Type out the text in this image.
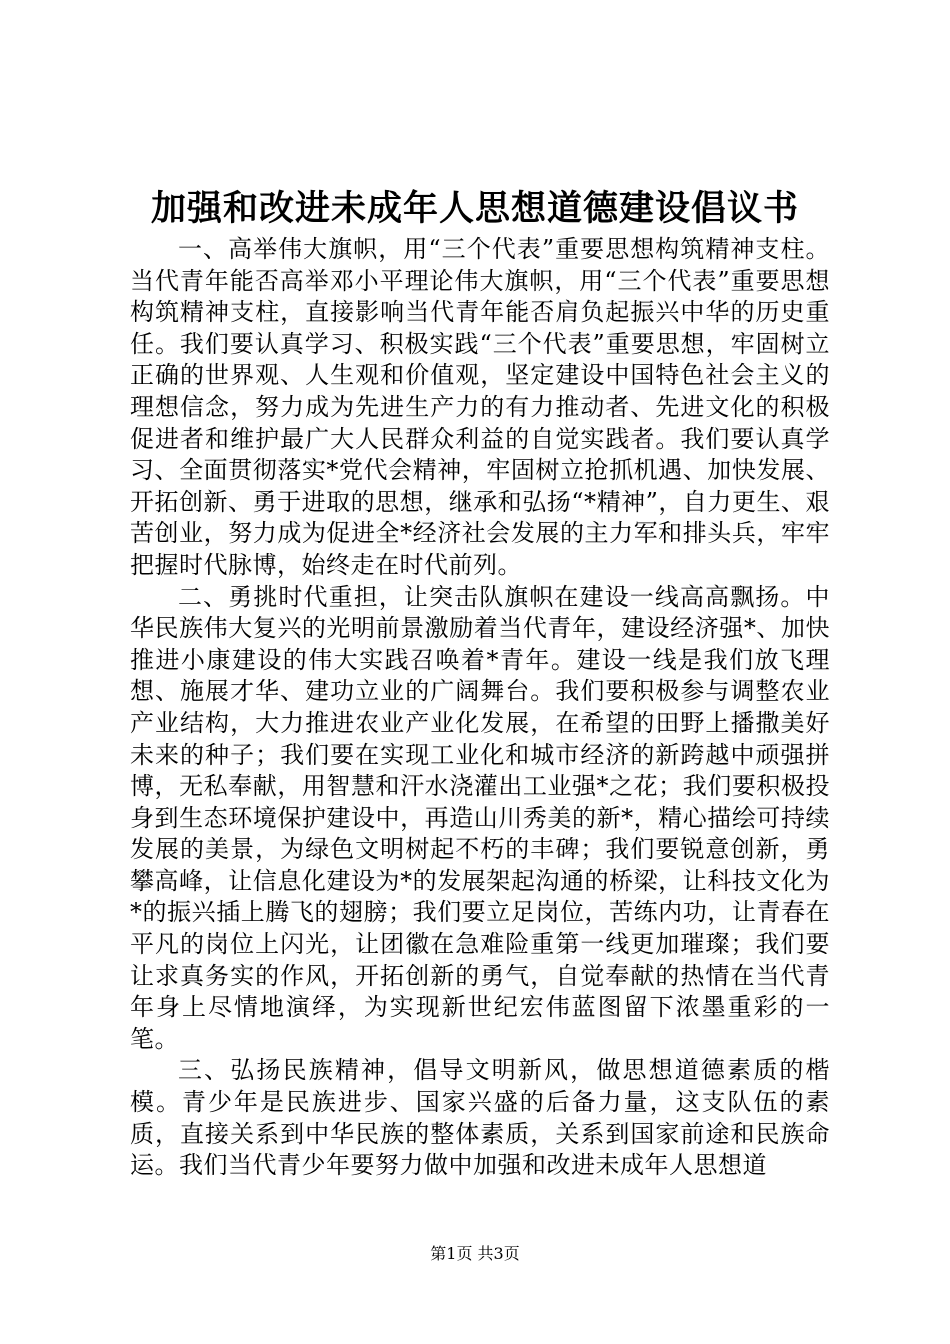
加强和改进未成年人思想道德建设倡议书

一、高举伟大旗帜，用“三个代表”重要思想构筑精神支柱。当代青年能否高举邓小平理论伟大旗帜，用“三个代表”重要思想构筑精神支柱，直接影响当代青年能否肩负起振兴中华的历史重任。我们要认真学习、积极实践“三个代表”重要思想，牢固树立正确的世界观、人生观和价值观，坚定建设中国特色社会主义的理想信念，努力成为先进生产力的有力推动者、先进文化的积极促进者和维护最广大人民群众利益的自觉实践者。我们要认真学习、全面贯彻落实*党代会精神，牢固树立抢抓机遇、加快发展、开拓创新、勇于进取的思想，继承和弘扬“*精神”，自力更生、艰苦创业，努力成为促进全*经济社会发展的主力军和排头兵，牢牢把握时代脉博，始终走在时代前列。

二、勇挑时代重担，让突击队旗帜在建设一线高高飘扬。中华民族伟大复兴的光明前景激励着当代青年，建设经济强*、加快推进小康建设的伟大实践召唤着*青年。建设一线是我们放飞理想、施展才华、建功立业的广阔舞台。我们要积极参与调整农业产业结构，大力推进农业产业化发展，在希望的田野上播撒美好未来的种子；我们要在实现工业化和城市经济的新跨越中顽强拼博，无私奉献，用智慧和汗水浇灌出工业强*之花；我们要积极投身到生态环境保护建设中，再造山川秀美的新*，精心描绘可持续发展的美景，为绿色文明树起不朽的丰碑；我们要锐意创新，勇攀高峰，让信息化建设为*的发展架起沟通的桥梁，让科技文化为*的振兴插上腾飞的翅膀；我们要立足岗位，苦练内功，让青春在平凡的岗位上闪光，让团徽在急难险重第一线更加璀璨；我们要让求真务实的作风，开拓创新的勇气，自觉奉献的热情在当代青年身上尽情地演绎，为实现新世纪宏伟蓝图留下浓墨重彩的一笔。

三、弘扬民族精神，倡导文明新风，做思想道德素质的楷模。青少年是民族进步、国家兴盛的后备力量，这支队伍的素质，直接关系到中华民族的整体素质，关系到国家前途和民族命运。我们当代青少年要努力做中加强和改进未成年人思想道

第1页 共3页
